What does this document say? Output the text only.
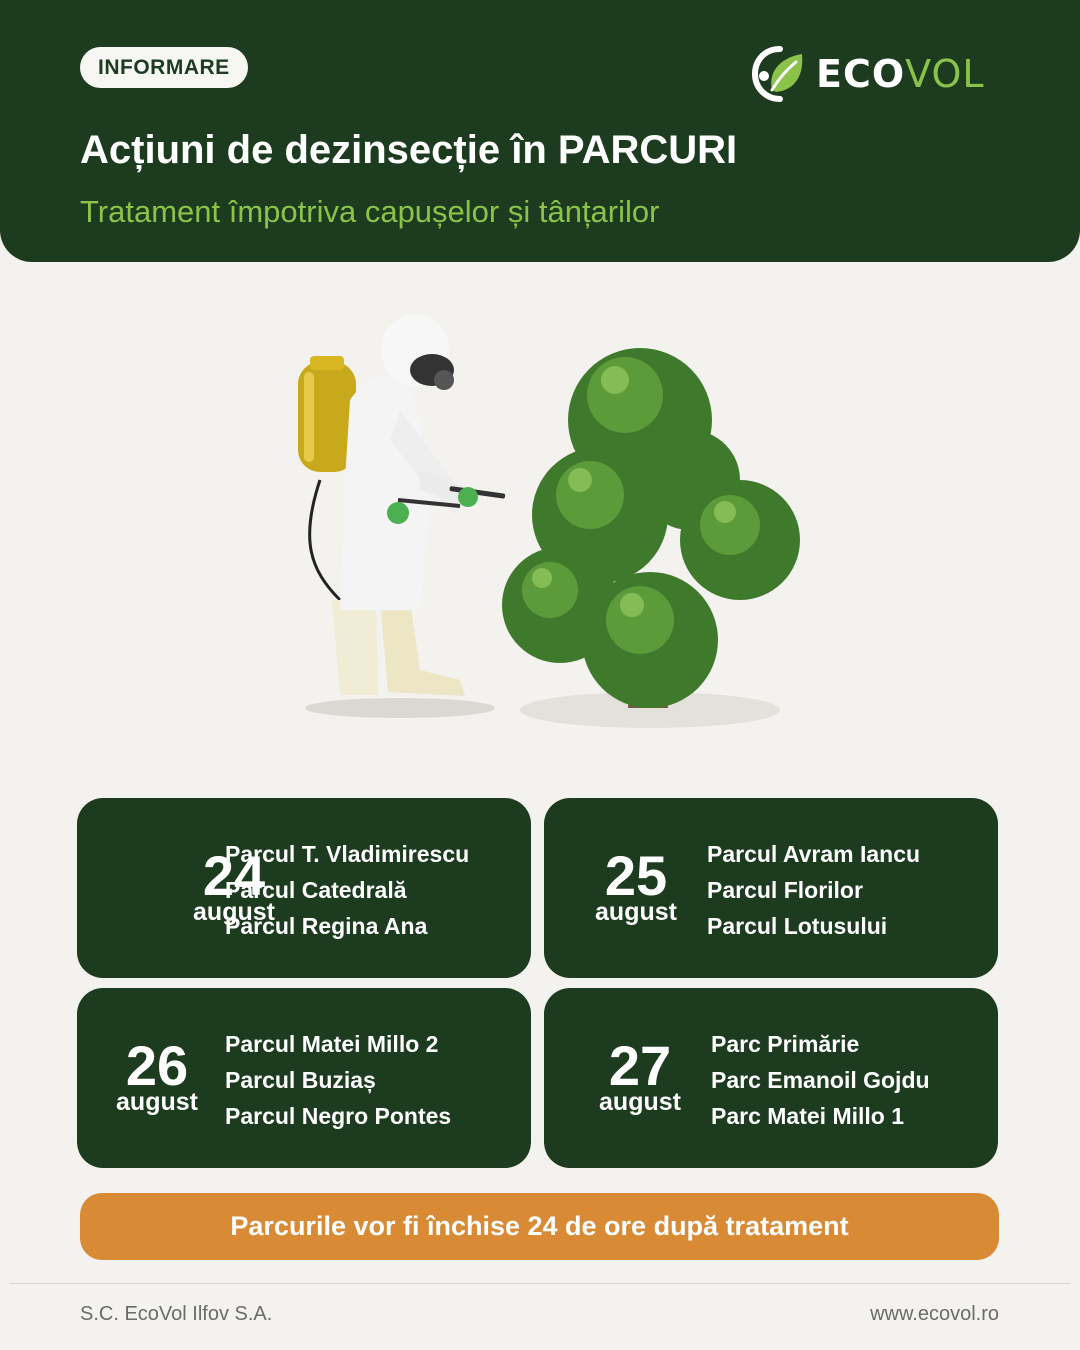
INFORMARE	ECOVOL
Acțiuni de dezinsecție în PARCURI
Tratament împotriva capușelor și tânțarilor
24
august
Parcul T. Vladimirescu
Parcul Catedrală
Parcul Regina Ana
25
august
Parcul Avram Iancu
Parcul Florilor
Parcul Lotusului
26
august
Parcul Matei Millo 2
Parcul Buziaș
Parcul Negro Pontes
27
august
Parc Primărie
Parc Emanoil Gojdu
Parc Matei Millo 1
Parcurile vor fi închise 24 de ore după tratament
S.C. EcoVol Ilfov S.A.	www.ecovol.ro
